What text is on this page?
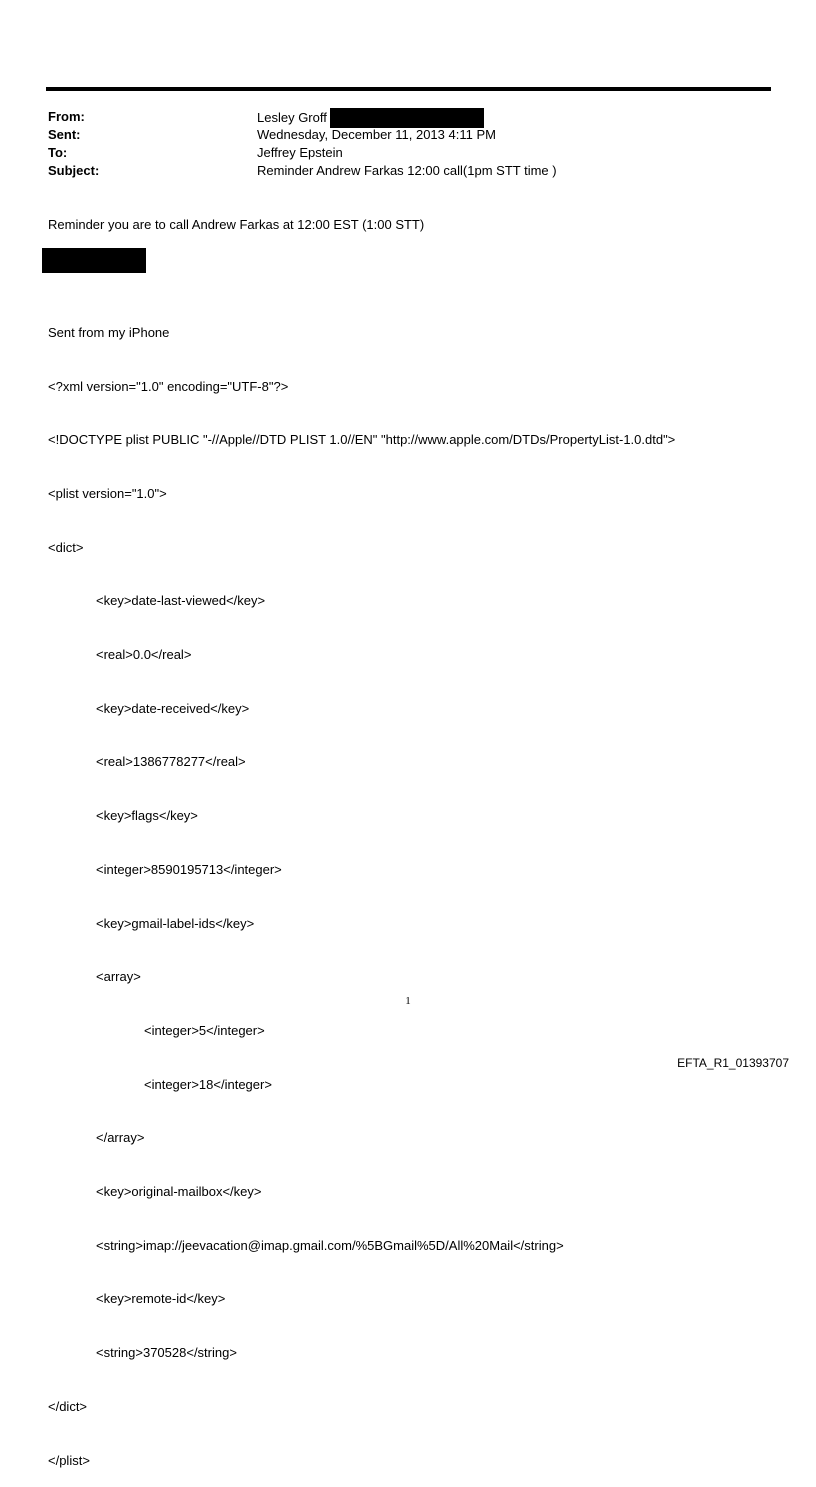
From:	Lesley Groff
Sent:	Wednesday, December 11, 2013 4:11 PM
To:	Jeffrey Epstein
Subject:	Reminder Andrew Farkas 12:00 call(1pm STT time )
Reminder you are to call Andrew Farkas at 12:00 EST (1:00 STT)

Sent from my iPhone

<?xml version="1.0" encoding="UTF-8"?>

<!DOCTYPE plist PUBLIC "-//Apple//DTD PLIST 1.0//EN" "http://www.apple.com/DTDs/PropertyList-1.0.dtd">

<plist version="1.0">

<dict>

<key>date-last-viewed</key>

<real>0.0</real>

<key>date-received</key>

<real>1386778277</real>

<key>flags</key>

<integer>8590195713</integer>

<key>gmail-label-ids</key>

<array>

<integer>5</integer>

<integer>18</integer>

</array>

<key>original-mailbox</key>

<string>imap://jeevacation@imap.gmail.com/%5BGmail%5D/All%20Mail</string>

<key>remote-id</key>

<string>370528</string>

</dict>

</plist>

1
EFTA_R1_01393707
